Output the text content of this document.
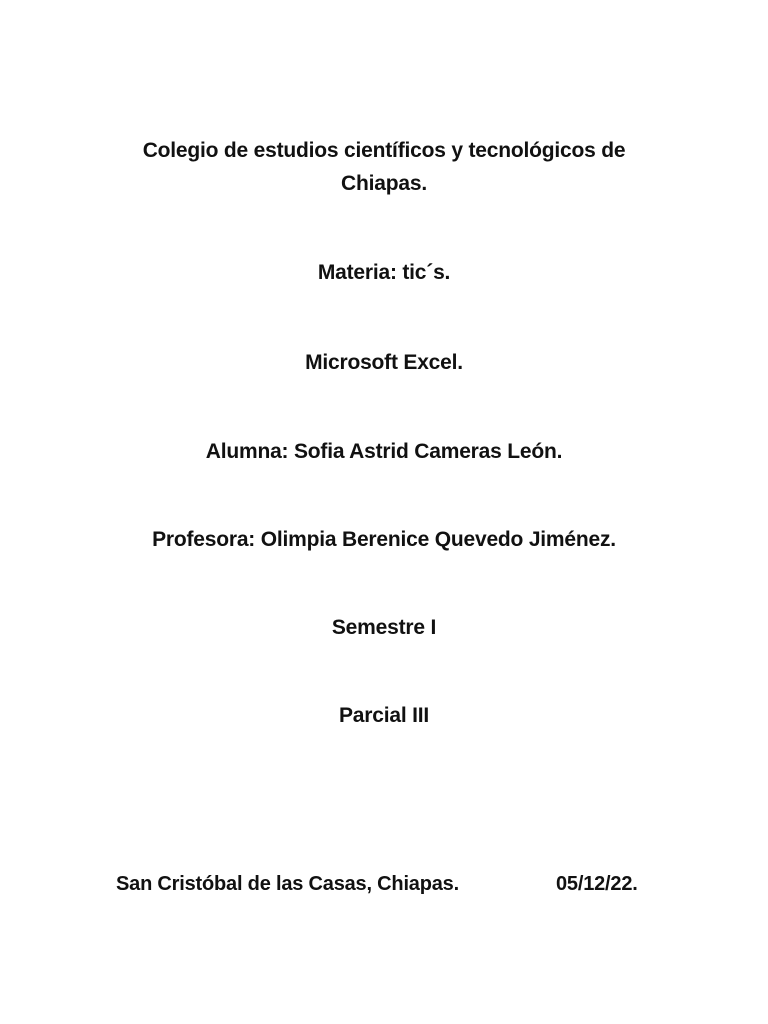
Colegio de estudios científicos y tecnológicos de
Chiapas.
Materia: tic´s.
Microsoft Excel.
Alumna: Sofia Astrid Cameras León.
Profesora: Olimpia Berenice Quevedo Jiménez.
Semestre I
Parcial III
San Cristóbal de las Casas, Chiapas.	05/12/22.
